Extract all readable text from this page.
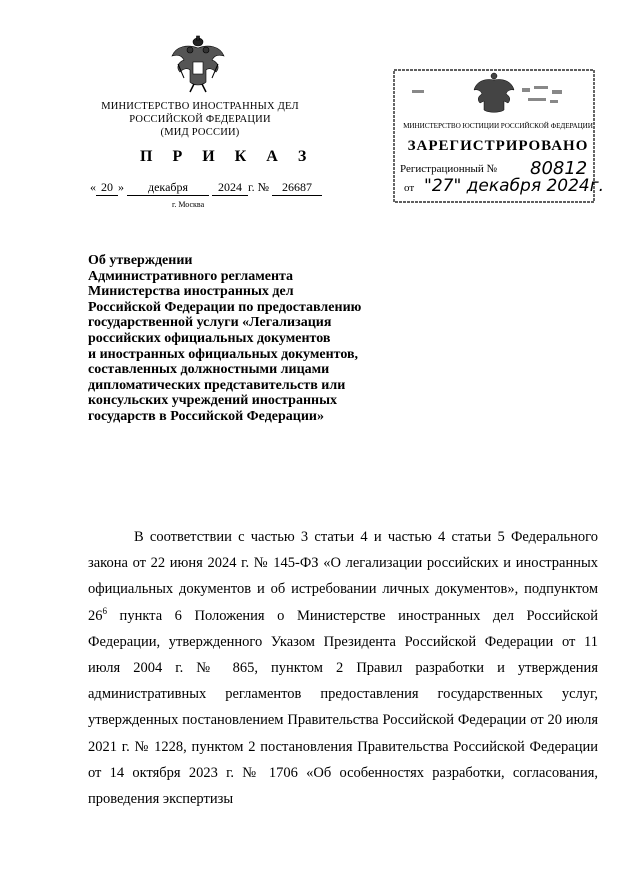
МИНИСТЕРСТВО ИНОСТРАННЫХ ДЕЛ
РОССИЙСКОЙ ФЕДЕРАЦИИ
(МИД РОССИИ)
П Р И К А З
« 20 » декабря 2024 г. № 26687
г. Москва
МИНИСТЕРСТВО ЮСТИЦИИ РОССИЙСКОЙ ФЕДЕРАЦИИ
ЗАРЕГИСТРИРОВАНО
Регистрационный № 80812
от "27" декабря 2024г.
Об утверждении
Административного регламента
Министерства иностранных дел
Российской Федерации по предоставлению
государственной услуги «Легализация
российских официальных документов
и иностранных официальных документов,
составленных должностными лицами
дипломатических представительств или
консульских учреждений иностранных
государств в Российской Федерации»

В соответствии с частью 3 статьи 4 и частью 4 статьи 5 Федерального закона от 22 июня 2024 г. № 145-ФЗ «О легализации российских и иностранных официальных документов и об истребовании личных документов», подпунктом $26^6$ пункта 6 Положения о Министерстве иностранных дел Российской Федерации, утвержденного Указом Президента Российской Федерации от 11 июля 2004 г. № 865, пунктом 2 Правил разработки и утверждения административных регламентов предоставления государственных услуг, утвержденных постановлением Правительства Российской Федерации от 20 июля 2021 г. № 1228, пунктом 2 постановления Правительства Российской Федерации от 14 октября 2023 г. № 1706 «Об особенностях разработки, согласования, проведения экспертизы
